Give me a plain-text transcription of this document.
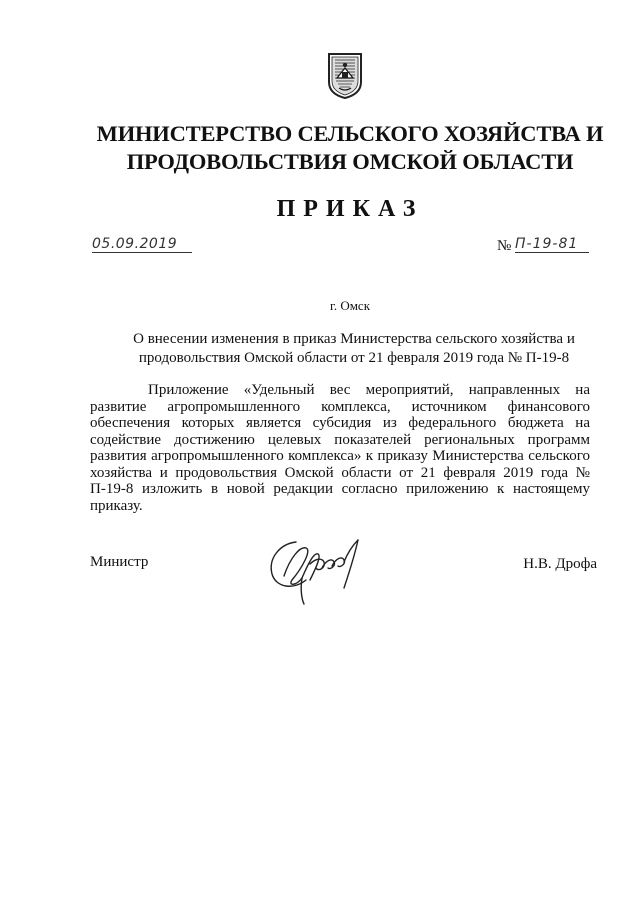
МИНИСТЕРСТВО СЕЛЬСКОГО ХОЗЯЙСТВА И
ПРОДОВОЛЬСТВИЯ ОМСКОЙ ОБЛАСТИ
ПРИКАЗ
05.09.2019	№ П-19-81
г. Омск
О внесении изменения в приказ Министерства сельского хозяйства и продовольствия Омской области от 21 февраля 2019 года № П-19-8
Приложение «Удельный вес мероприятий, направленных на развитие агропромышленного комплекса, источником финансового обеспечения которых является субсидия из федерального бюджета на содействие достижению целевых показателей региональных программ развития агропромышленного комплекса» к приказу Министерства сельского хозяйства и продовольствия Омской области от 21 февраля 2019 года № П-19-8 изложить в новой редакции согласно приложению к настоящему приказу.
Министр	Н.В. Дрофа
